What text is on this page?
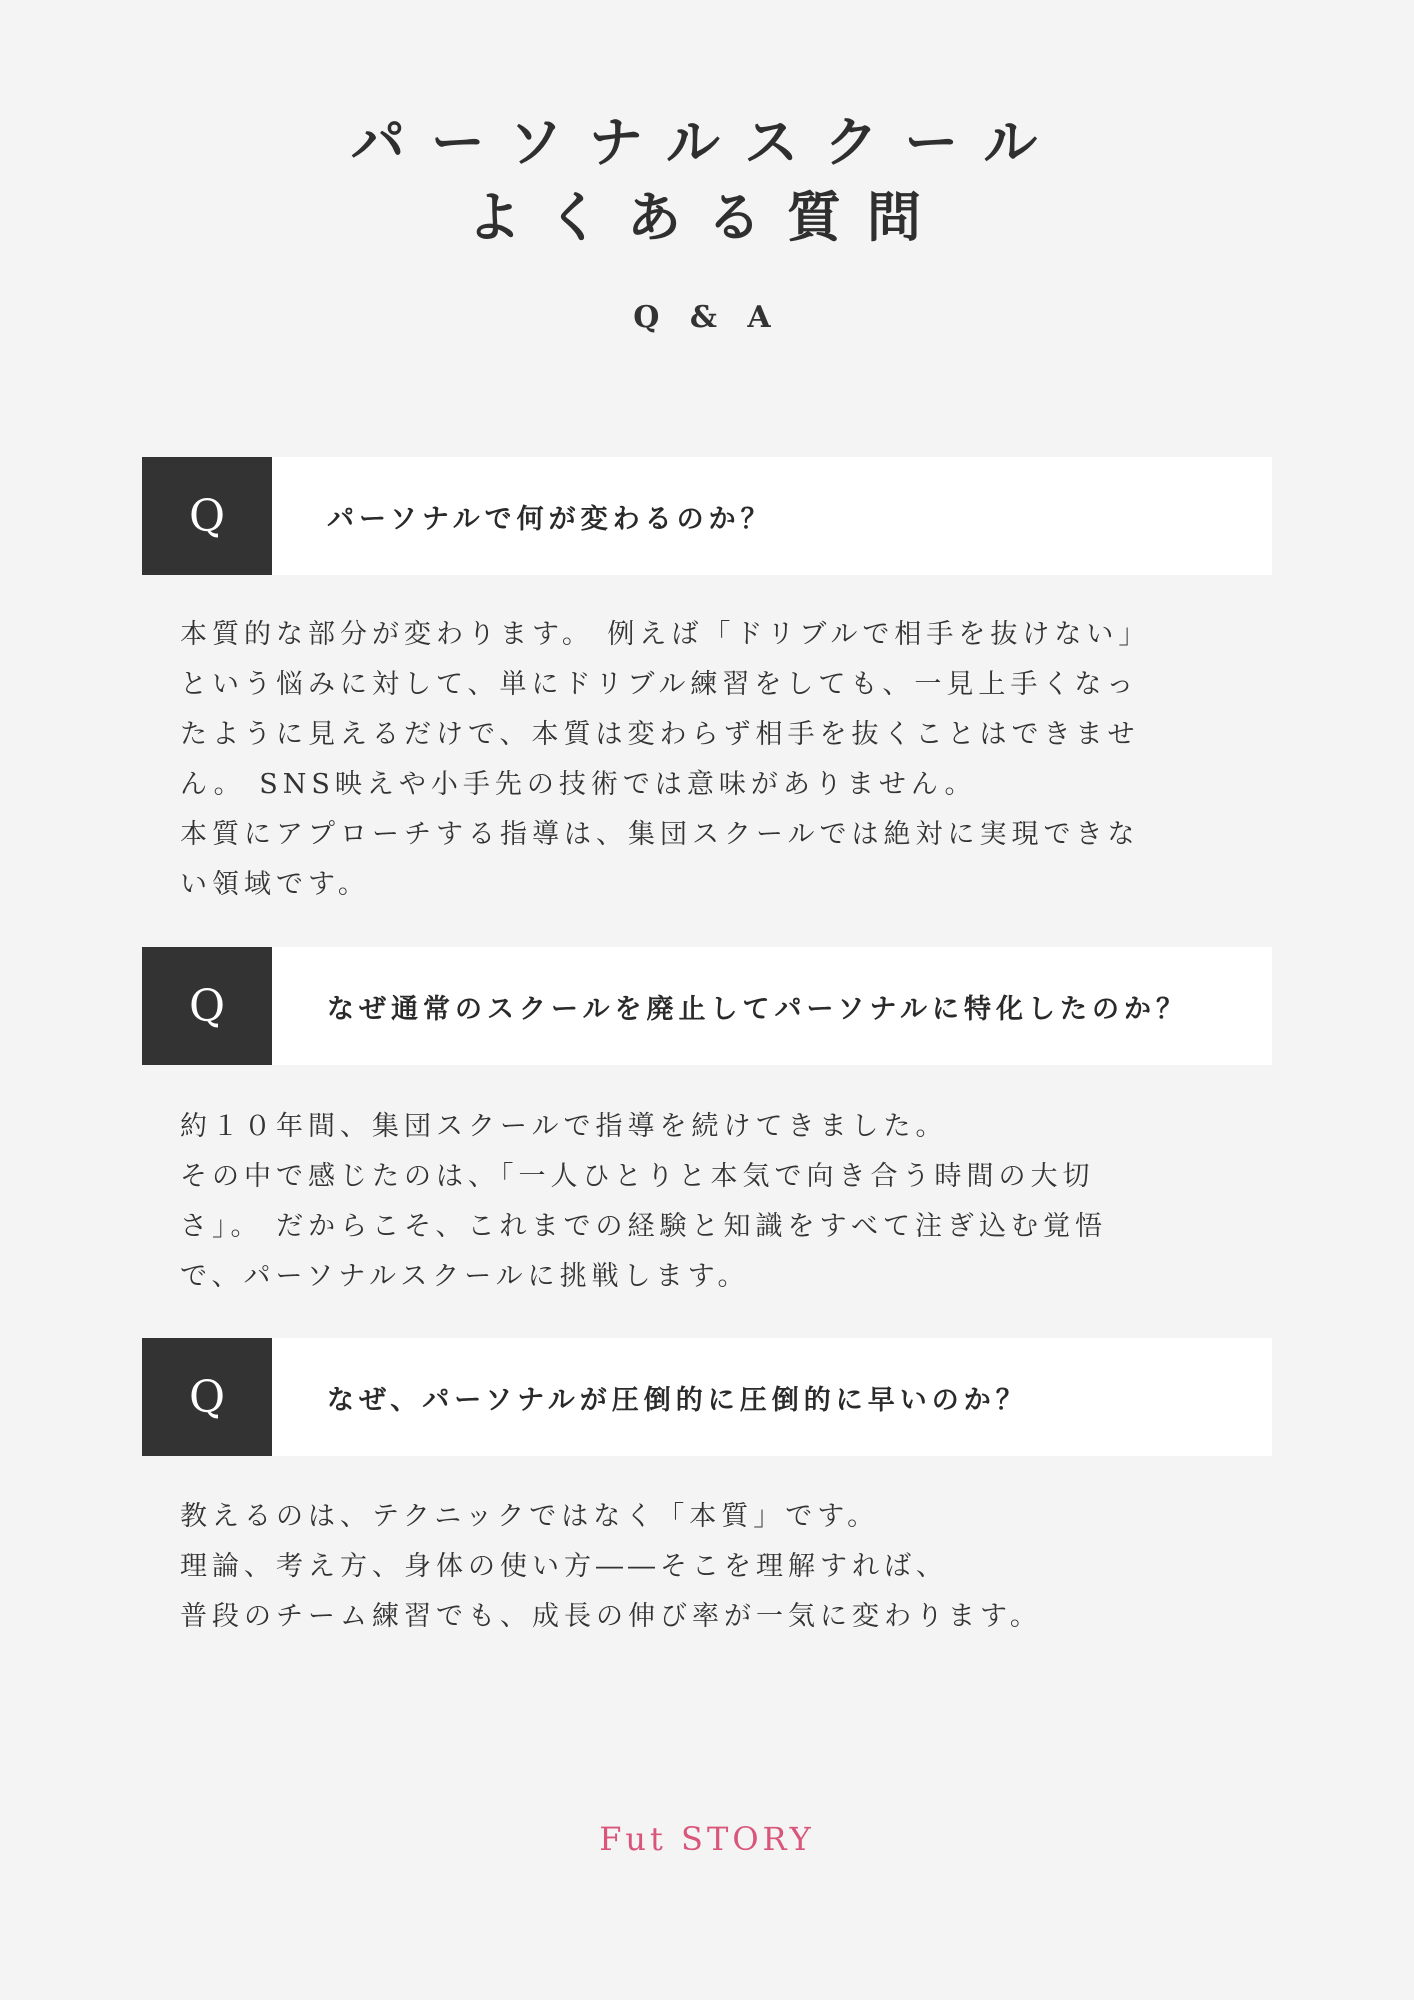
パーソナルスクール
よくある質問
Q & A
Q	パーソナルで何が変わるのか？
本質的な部分が変わります。 例えば「ドリブルで相手を抜けない」
という悩みに対して、単にドリブル練習をしても、一見上手くなっ
たように見えるだけで、本質は変わらず相手を抜くことはできませ
ん。 SNS映えや小手先の技術では意味がありません。
本質にアプローチする指導は、集団スクールでは絶対に実現できな
い領域です。
Q	なぜ通常のスクールを廃止してパーソナルに特化したのか？
約１０年間、集団スクールで指導を続けてきました。
その中で感じたのは、「一人ひとりと本気で向き合う時間の大切
さ」。 だからこそ、これまでの経験と知識をすべて注ぎ込む覚悟
で、パーソナルスクールに挑戦します。
Q	なぜ、パーソナルが圧倒的に圧倒的に早いのか？
教えるのは、テクニックではなく「本質」です。
理論、考え方、身体の使い方――そこを理解すれば、
普段のチーム練習でも、成長の伸び率が一気に変わります。
Fut STORY
